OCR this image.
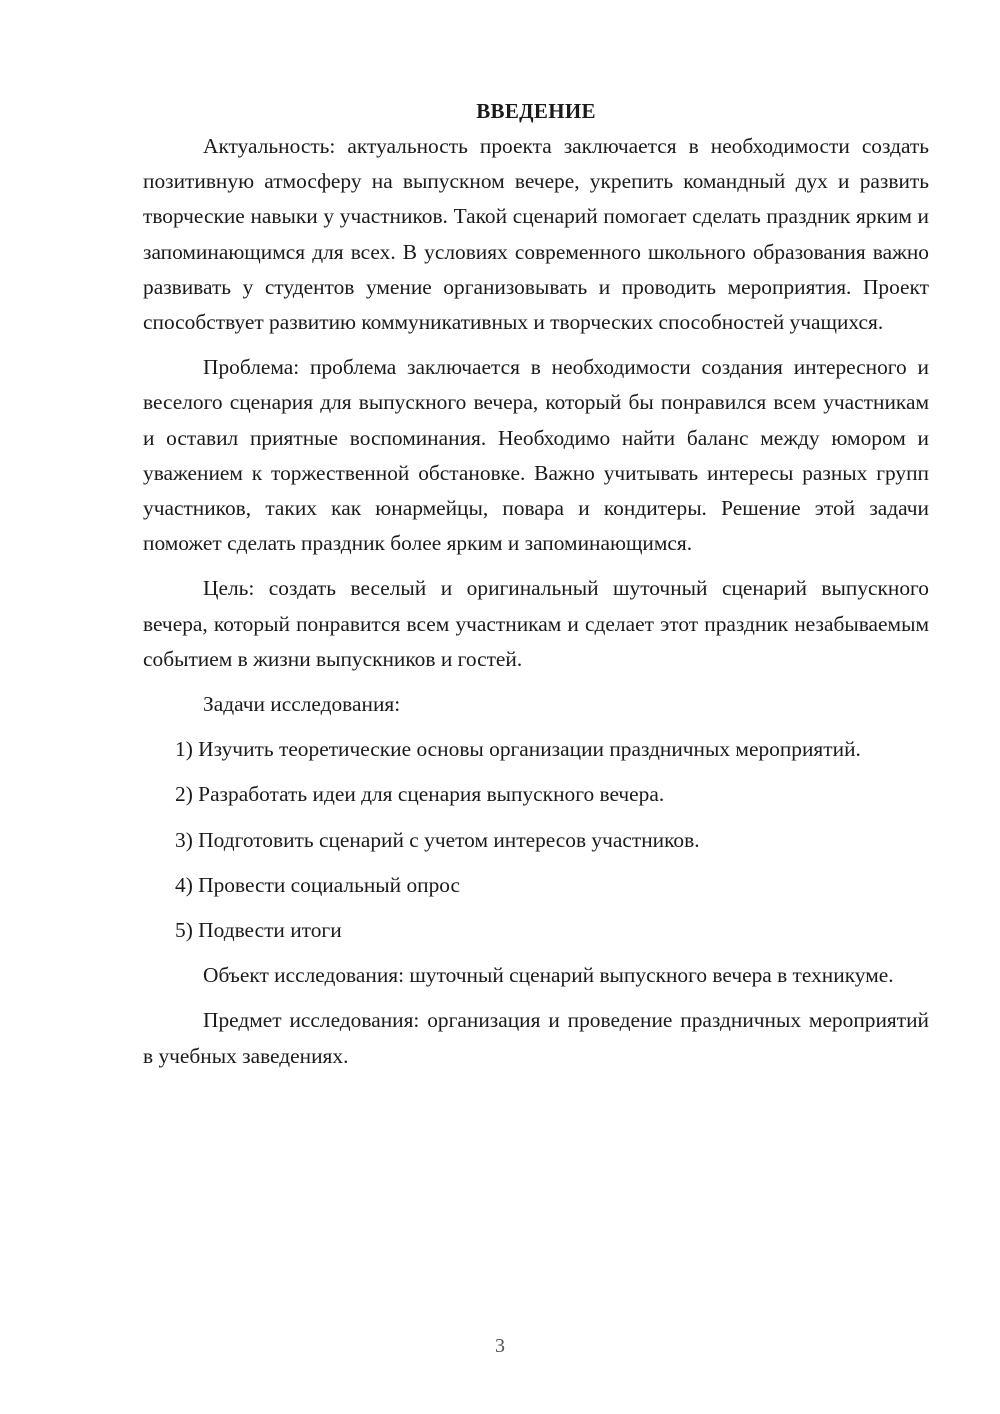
ВВЕДЕНИЕ

Актуальность: актуальность проекта заключается в необходимости создать позитивную атмосферу на выпускном вечере, укрепить командный дух и развить творческие навыки у участников. Такой сценарий помогает сделать праздник ярким и запоминающимся для всех. В условиях современного школьного образования важно развивать у студентов умение организовывать и проводить мероприятия. Проект способствует развитию коммуникативных и творческих способностей учащихся.

Проблема: проблема заключается в необходимости создания интересного и веселого сценария для выпускного вечера, который бы понравился всем участникам и оставил приятные воспоминания. Необходимо найти баланс между юмором и уважением к торжественной обстановке. Важно учитывать интересы разных групп участников, таких как юнармейцы, повара и кондитеры. Решение этой задачи поможет сделать праздник более ярким и запоминающимся.

Цель: создать веселый и оригинальный шуточный сценарий выпускного вечера, который понравится всем участникам и сделает этот праздник незабываемым событием в жизни выпускников и гостей.

Задачи исследования:

1) Изучить теоретические основы организации праздничных мероприятий.

2) Разработать идеи для сценария выпускного вечера.

3) Подготовить сценарий с учетом интересов участников.

4) Провести социальный опрос

5) Подвести итоги

Объект исследования: шуточный сценарий выпускного вечера в техникуме.

Предмет исследования: организация и проведение праздничных мероприятий в учебных заведениях.

3
